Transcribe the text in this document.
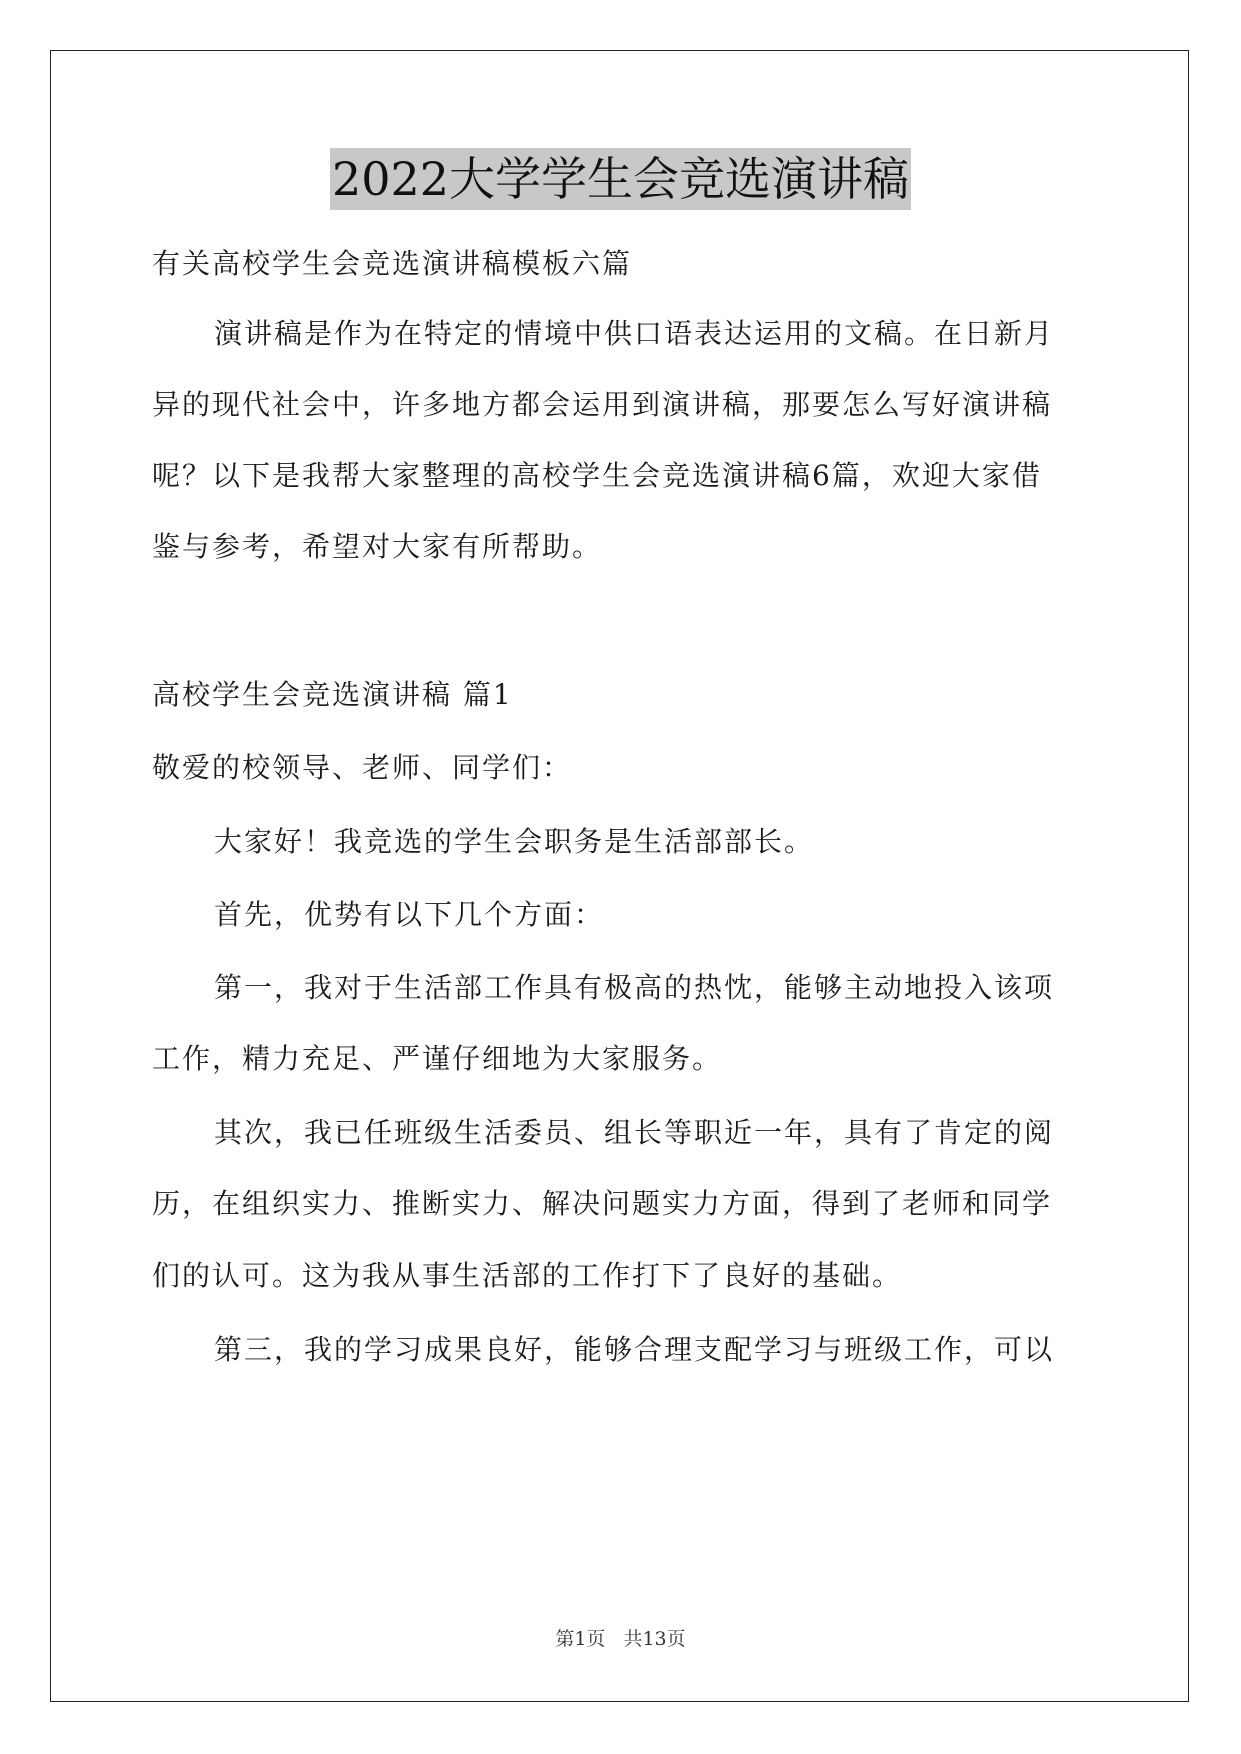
2022大学学生会竞选演讲稿
有关高校学生会竞选演讲稿模板六篇
演讲稿是作为在特定的情境中供口语表达运用的文稿。在日新月
异的现代社会中，许多地方都会运用到演讲稿，那要怎么写好演讲稿
呢？以下是我帮大家整理的高校学生会竞选演讲稿6篇，欢迎大家借
鉴与参考，希望对大家有所帮助。
高校学生会竞选演讲稿 篇1
敬爱的校领导、老师、同学们：
大家好！我竞选的学生会职务是生活部部长。
首先，优势有以下几个方面：
第一，我对于生活部工作具有极高的热忱，能够主动地投入该项
工作，精力充足、严谨仔细地为大家服务。
其次，我已任班级生活委员、组长等职近一年，具有了肯定的阅
历，在组织实力、推断实力、解决问题实力方面，得到了老师和同学
们的认可。这为我从事生活部的工作打下了良好的基础。
第三，我的学习成果良好，能够合理支配学习与班级工作，可以
第1页 共13页
